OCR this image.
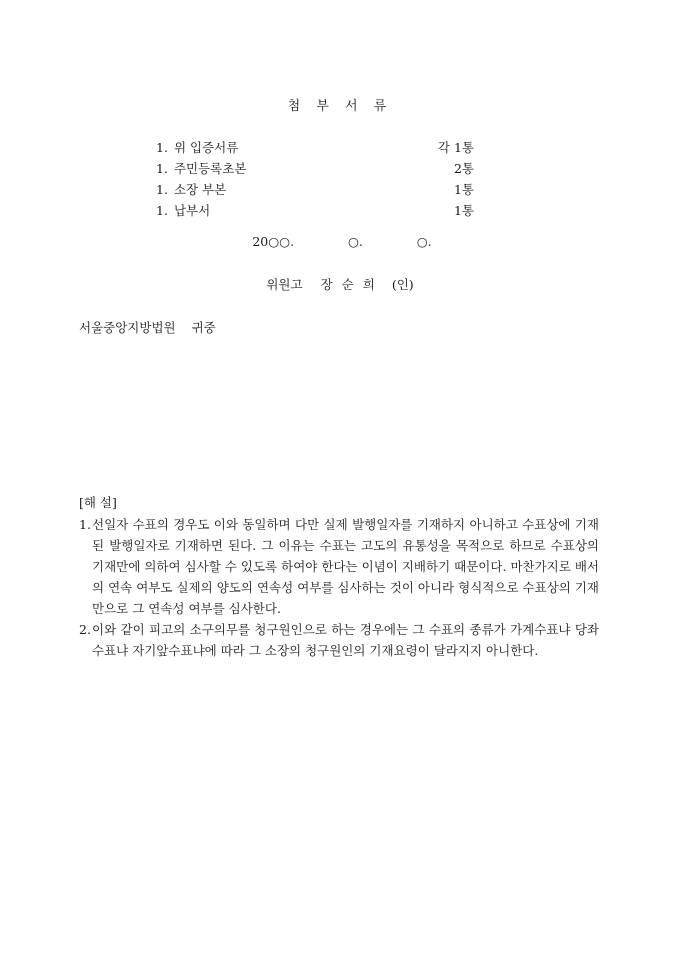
첨 부 서 류
1. 위 입증서류	각 1통
1. 주민등록초본	2통
1. 소장 부본	1통
1. 납부서	1통
20○○.   ○.   ○.
위원고 장순희 (인)
서울중앙지방법원 귀중
[해 설]
1. 선일자 수표의 경우도 이와 동일하며 다만 실제 발행일자를 기재하지 아니하고 수표상에 기재된 발행일자로 기재하면 된다. 그 이유는 수표는 고도의 유통성을 목적으로 하므로 수표상의 기재만에 의하여 심사할 수 있도록 하여야 한다는 이념이 지배하기 때문이다. 마찬가지로 배서의 연속 여부도 실제의 양도의 연속성 여부를 심사하는 것이 아니라 형식적으로 수표상의 기재만으로 그 연속성 여부를 심사한다.
2. 이와 같이 피고의 소구의무를 청구원인으로 하는 경우에는 그 수표의 종류가 가계수표냐 당좌수표냐 자기앞수표냐에 따라 그 소장의 청구원인의 기재요령이 달라지지 아니한다.
